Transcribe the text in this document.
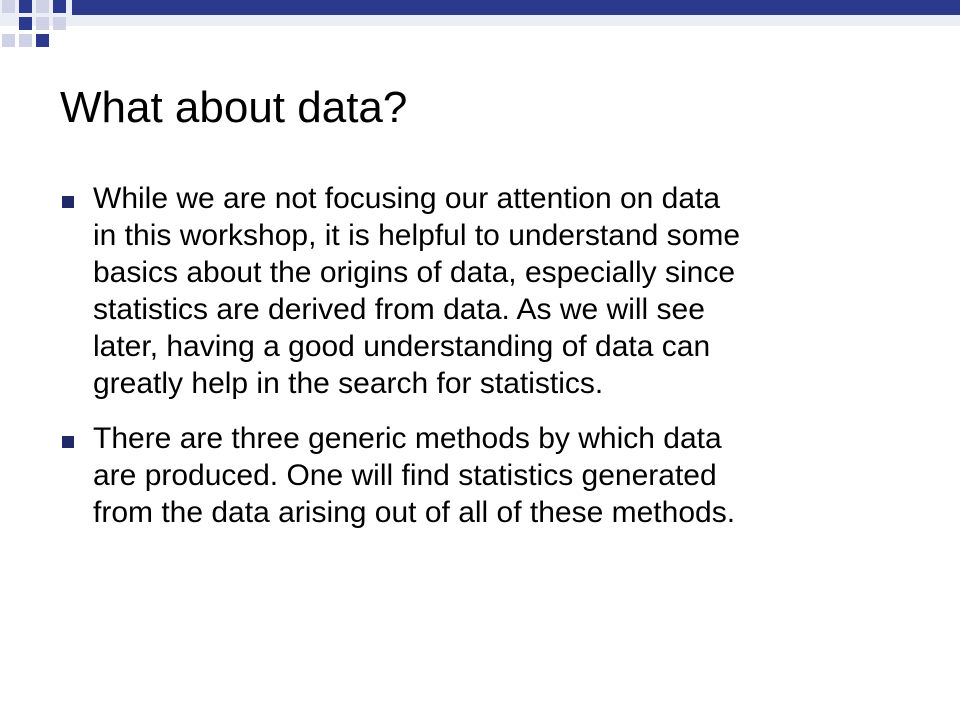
What about data?
While we are not focusing our attention on data
in this workshop, it is helpful to understand some
basics about the origins of data, especially since
statistics are derived from data. As we will see
later, having a good understanding of data can
greatly help in the search for statistics.
There are three generic methods by which data
are produced. One will find statistics generated
from the data arising out of all of these methods.
